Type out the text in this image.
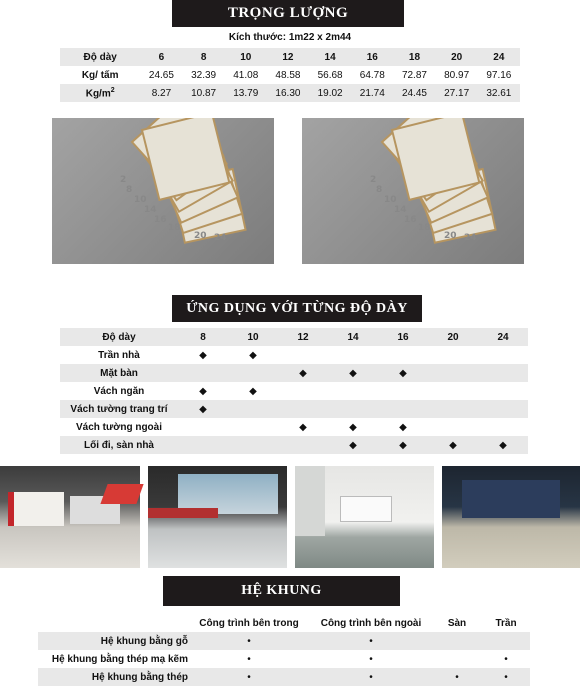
TRỌNG LƯỢNG
Kích thước: 1m22 x 2m44
Độ dày	6	8	10	12	14	16	18	20	24
Kg/ tấm	24.65	32.39	41.08	48.58	56.68	64.78	72.87	80.97	97.16
$Kg/m^2$	8.27	10.87	13.79	16.30	19.02	21.74	24.45	27.17	32.61
2
8
10
14
16
18
20 24
2
8
10
14
16
18
20 24
ỨNG DỤNG VỚI TỪNG ĐỘ DÀY
Độ dày	8	10	12	14	16	20	24
Trần nhà	◆	◆					
Mặt bàn			◆	◆	◆		
Vách ngăn	◆	◆					
Vách tường trang trí	◆						
Vách tường ngoài			◆	◆	◆		
Lối đi, sàn nhà				◆	◆	◆	◆
HỆ KHUNG
	Công trình bên trong	Công trình bên ngoài	Sàn	Trần
Hệ khung bằng gỗ	•	•		
Hệ khung bằng thép mạ kẽm	•	•		•
Hệ khung bằng thép	•	•	•	•
